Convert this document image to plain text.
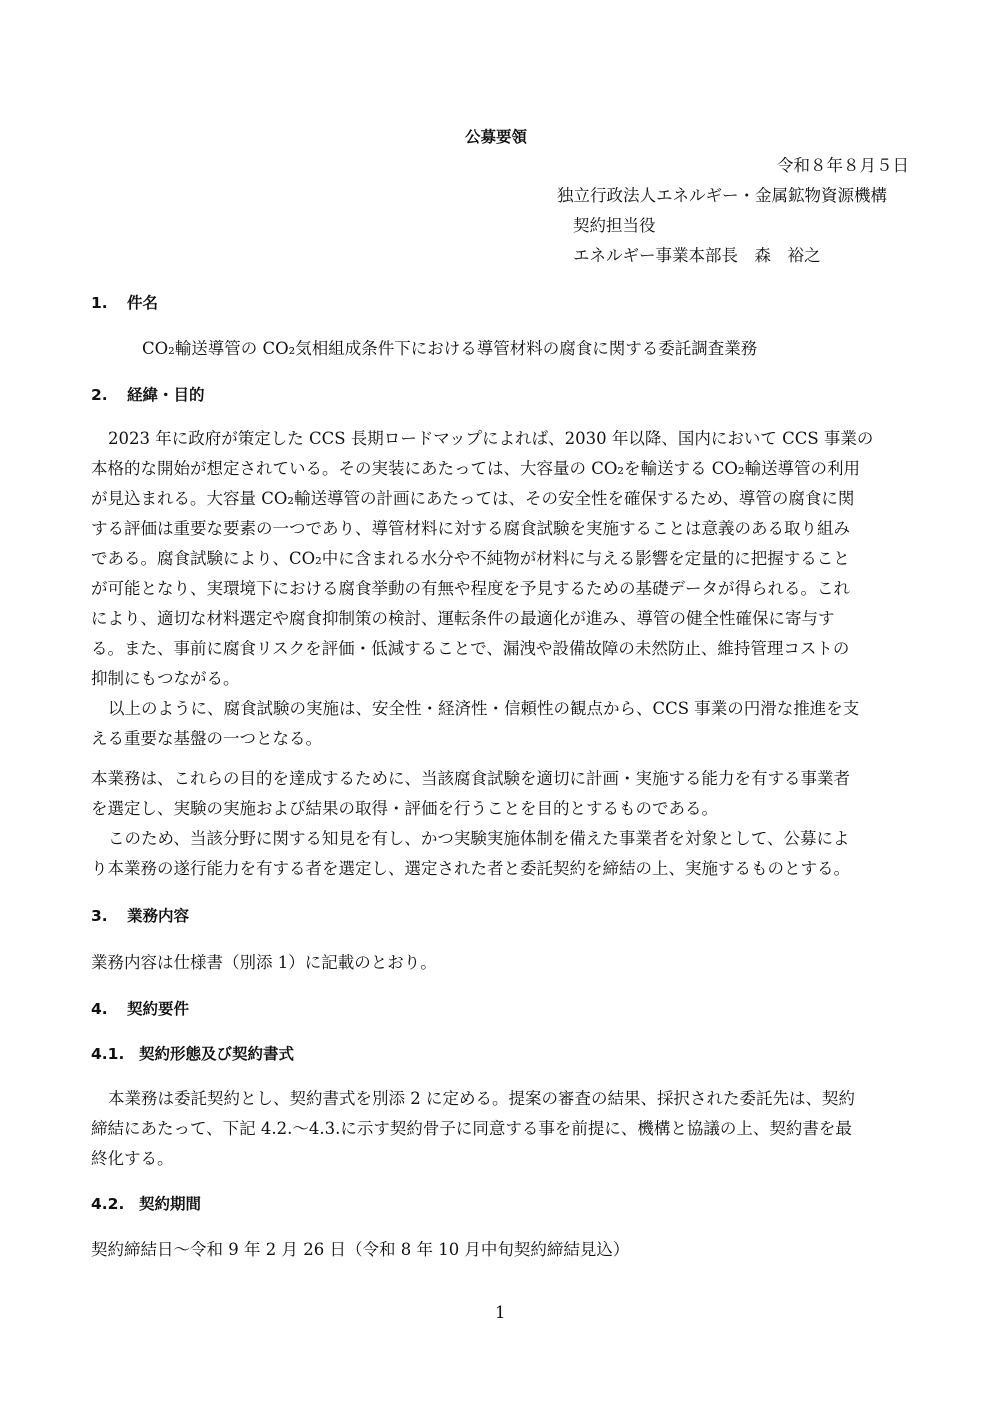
公募要領
令和８年８月５日
独立行政法人エネルギー・金属鉱物資源機構
契約担当役
エネルギー事業本部長　森　裕之
1. 件名
CO₂輸送導管の CO₂気相組成条件下における導管材料の腐食に関する委託調査業務
2. 経緯・目的
2023 年に政府が策定した CCS 長期ロードマップによれば、2030 年以降、国内において CCS 事業の
本格的な開始が想定されている。その実装にあたっては、大容量の CO₂を輸送する CO₂輸送導管の利用
が見込まれる。大容量 CO₂輸送導管の計画にあたっては、その安全性を確保するため、導管の腐食に関
する評価は重要な要素の一つであり、導管材料に対する腐食試験を実施することは意義のある取り組み
である。腐食試験により、CO₂中に含まれる水分や不純物が材料に与える影響を定量的に把握すること
が可能となり、実環境下における腐食挙動の有無や程度を予見するための基礎データが得られる。これ
により、適切な材料選定や腐食抑制策の検討、運転条件の最適化が進み、導管の健全性確保に寄与す
る。また、事前に腐食リスクを評価・低減することで、漏洩や設備故障の未然防止、維持管理コストの
抑制にもつながる。
以上のように、腐食試験の実施は、安全性・経済性・信頼性の観点から、CCS 事業の円滑な推進を支
える重要な基盤の一つとなる。
本業務は、これらの目的を達成するために、当該腐食試験を適切に計画・実施する能力を有する事業者
を選定し、実験の実施および結果の取得・評価を行うことを目的とするものである。
このため、当該分野に関する知見を有し、かつ実験実施体制を備えた事業者を対象として、公募によ
り本業務の遂行能力を有する者を選定し、選定された者と委託契約を締結の上、実施するものとする。
3. 業務内容
業務内容は仕様書（別添 1）に記載のとおり。
4. 契約要件
4.1. 契約形態及び契約書式
本業務は委託契約とし、契約書式を別添 2 に定める。提案の審査の結果、採択された委託先は、契約
締結にあたって、下記 4.2.～4.3.に示す契約骨子に同意する事を前提に、機構と協議の上、契約書を最
終化する。
4.2. 契約期間
契約締結日～令和 9 年 2 月 26 日（令和 8 年 10 月中旬契約締結見込）
1
